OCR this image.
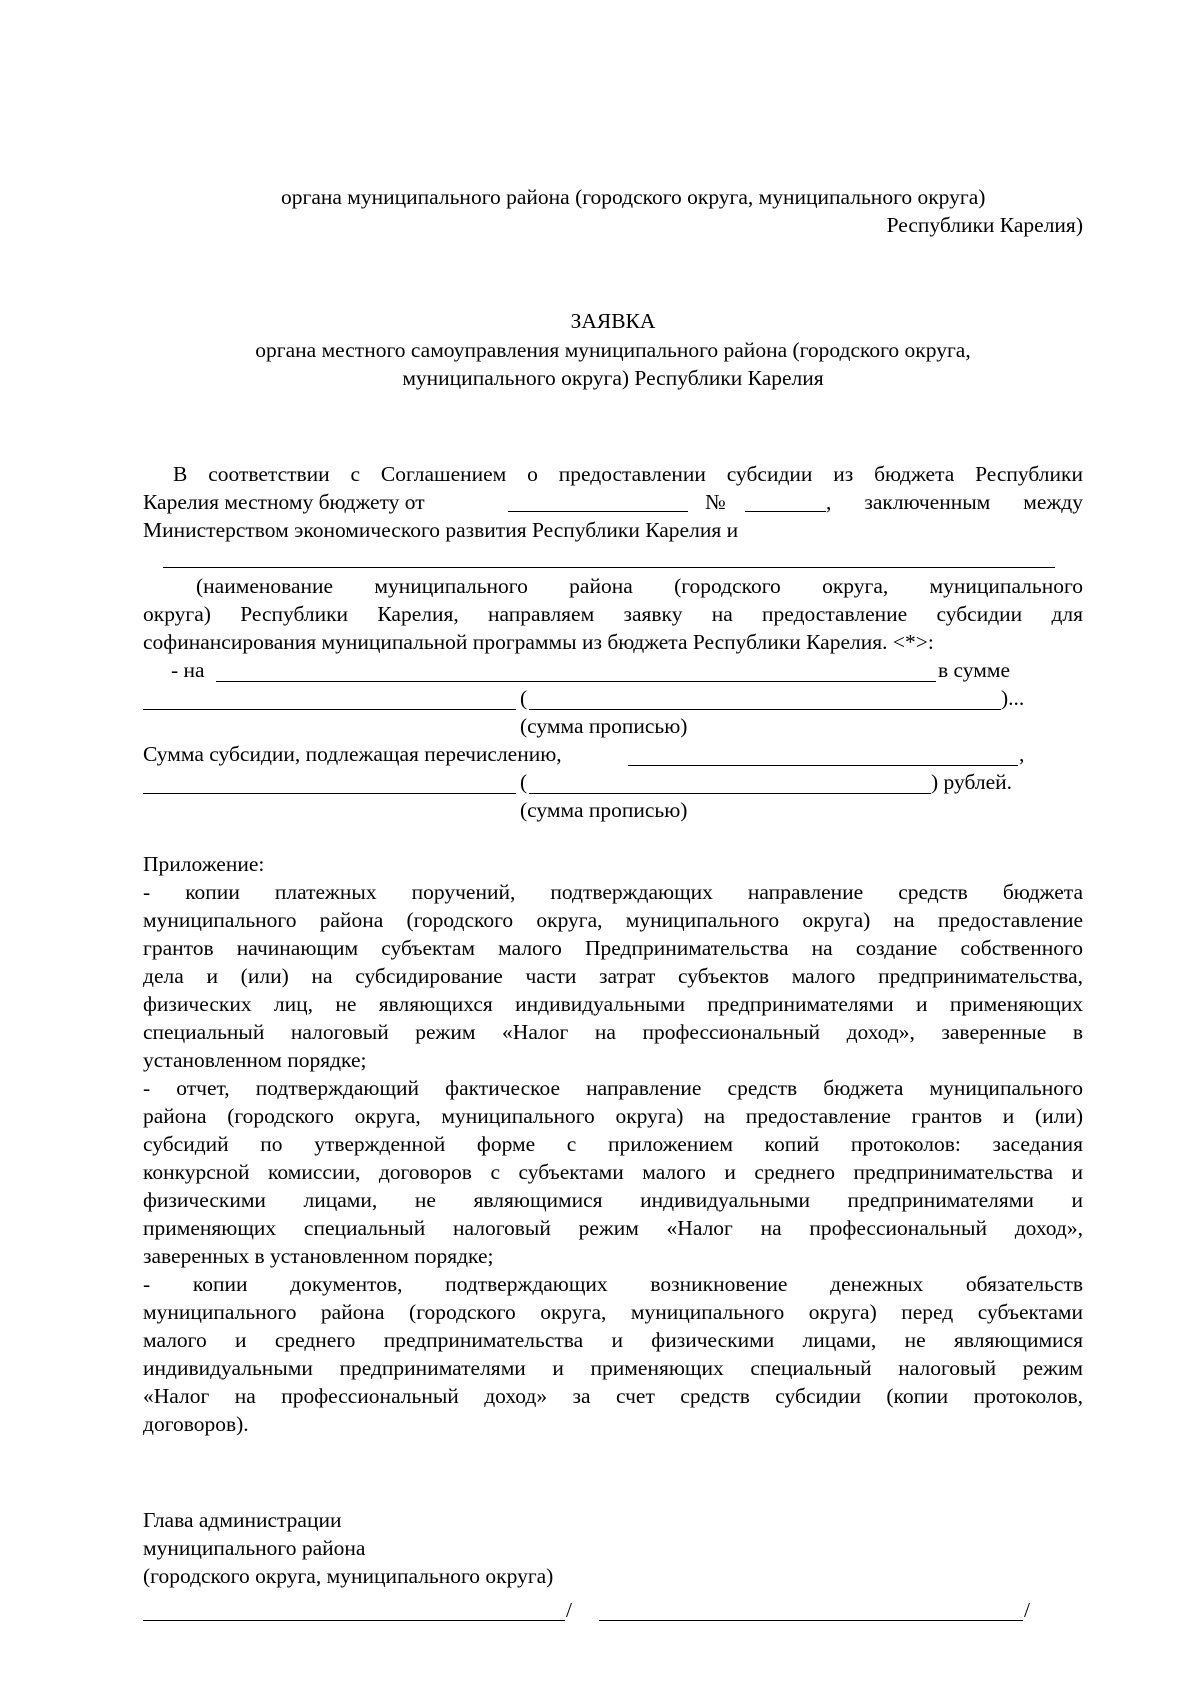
органа муниципального района (городского округа, муниципального округа)
Республики Карелия)
ЗАЯВКА
органа местного самоуправления муниципального района (городского округа,
муниципального округа) Республики Карелия
В соответствии с Соглашением о предоставлении субсидии из бюджета Республики
Карелия местному бюджету от	№	, заключенным между
Министерством экономического развития Республики Карелия и
(наименование муниципального района (городского округа, муниципального
округа) Республики Карелия, направляем заявку на предоставление субсидии для
софинансирования муниципальной программы из бюджета Республики Карелия. <*>:
- на	в сумме
(	)...
(сумма прописью)
Сумма субсидии, подлежащая перечислению,	,
(	) рублей.
(сумма прописью)
Приложение:
- копии платежных поручений, подтверждающих направление средств бюджета
муниципального района (городского округа, муниципального округа) на предоставление
грантов начинающим субъектам малого Предпринимательства на создание собственного
дела и (или) на субсидирование части затрат субъектов малого предпринимательства,
физических лиц, не являющихся индивидуальными предпринимателями и применяющих
специальный налоговый режим «Налог на профессиональный доход», заверенные в
установленном порядке;
- отчет, подтверждающий фактическое направление средств бюджета муниципального
района (городского округа, муниципального округа) на предоставление грантов и (или)
субсидий по утвержденной форме с приложением копий протоколов: заседания
конкурсной комиссии, договоров с субъектами малого и среднего предпринимательства и
физическими лицами, не являющимися индивидуальными предпринимателями и
применяющих специальный налоговый режим «Налог на профессиональный доход»,
заверенных в установленном порядке;
- копии документов, подтверждающих возникновение денежных обязательств
муниципального района (городского округа, муниципального округа) перед субъектами
малого и среднего предпринимательства и физическими лицами, не являющимися
индивидуальными предпринимателями и применяющих специальный налоговый режим
«Налог на профессиональный доход» за счет средств субсидии (копии протоколов,
договоров).
Глава администрации
муниципального района
(городского округа, муниципального округа)
/	/
